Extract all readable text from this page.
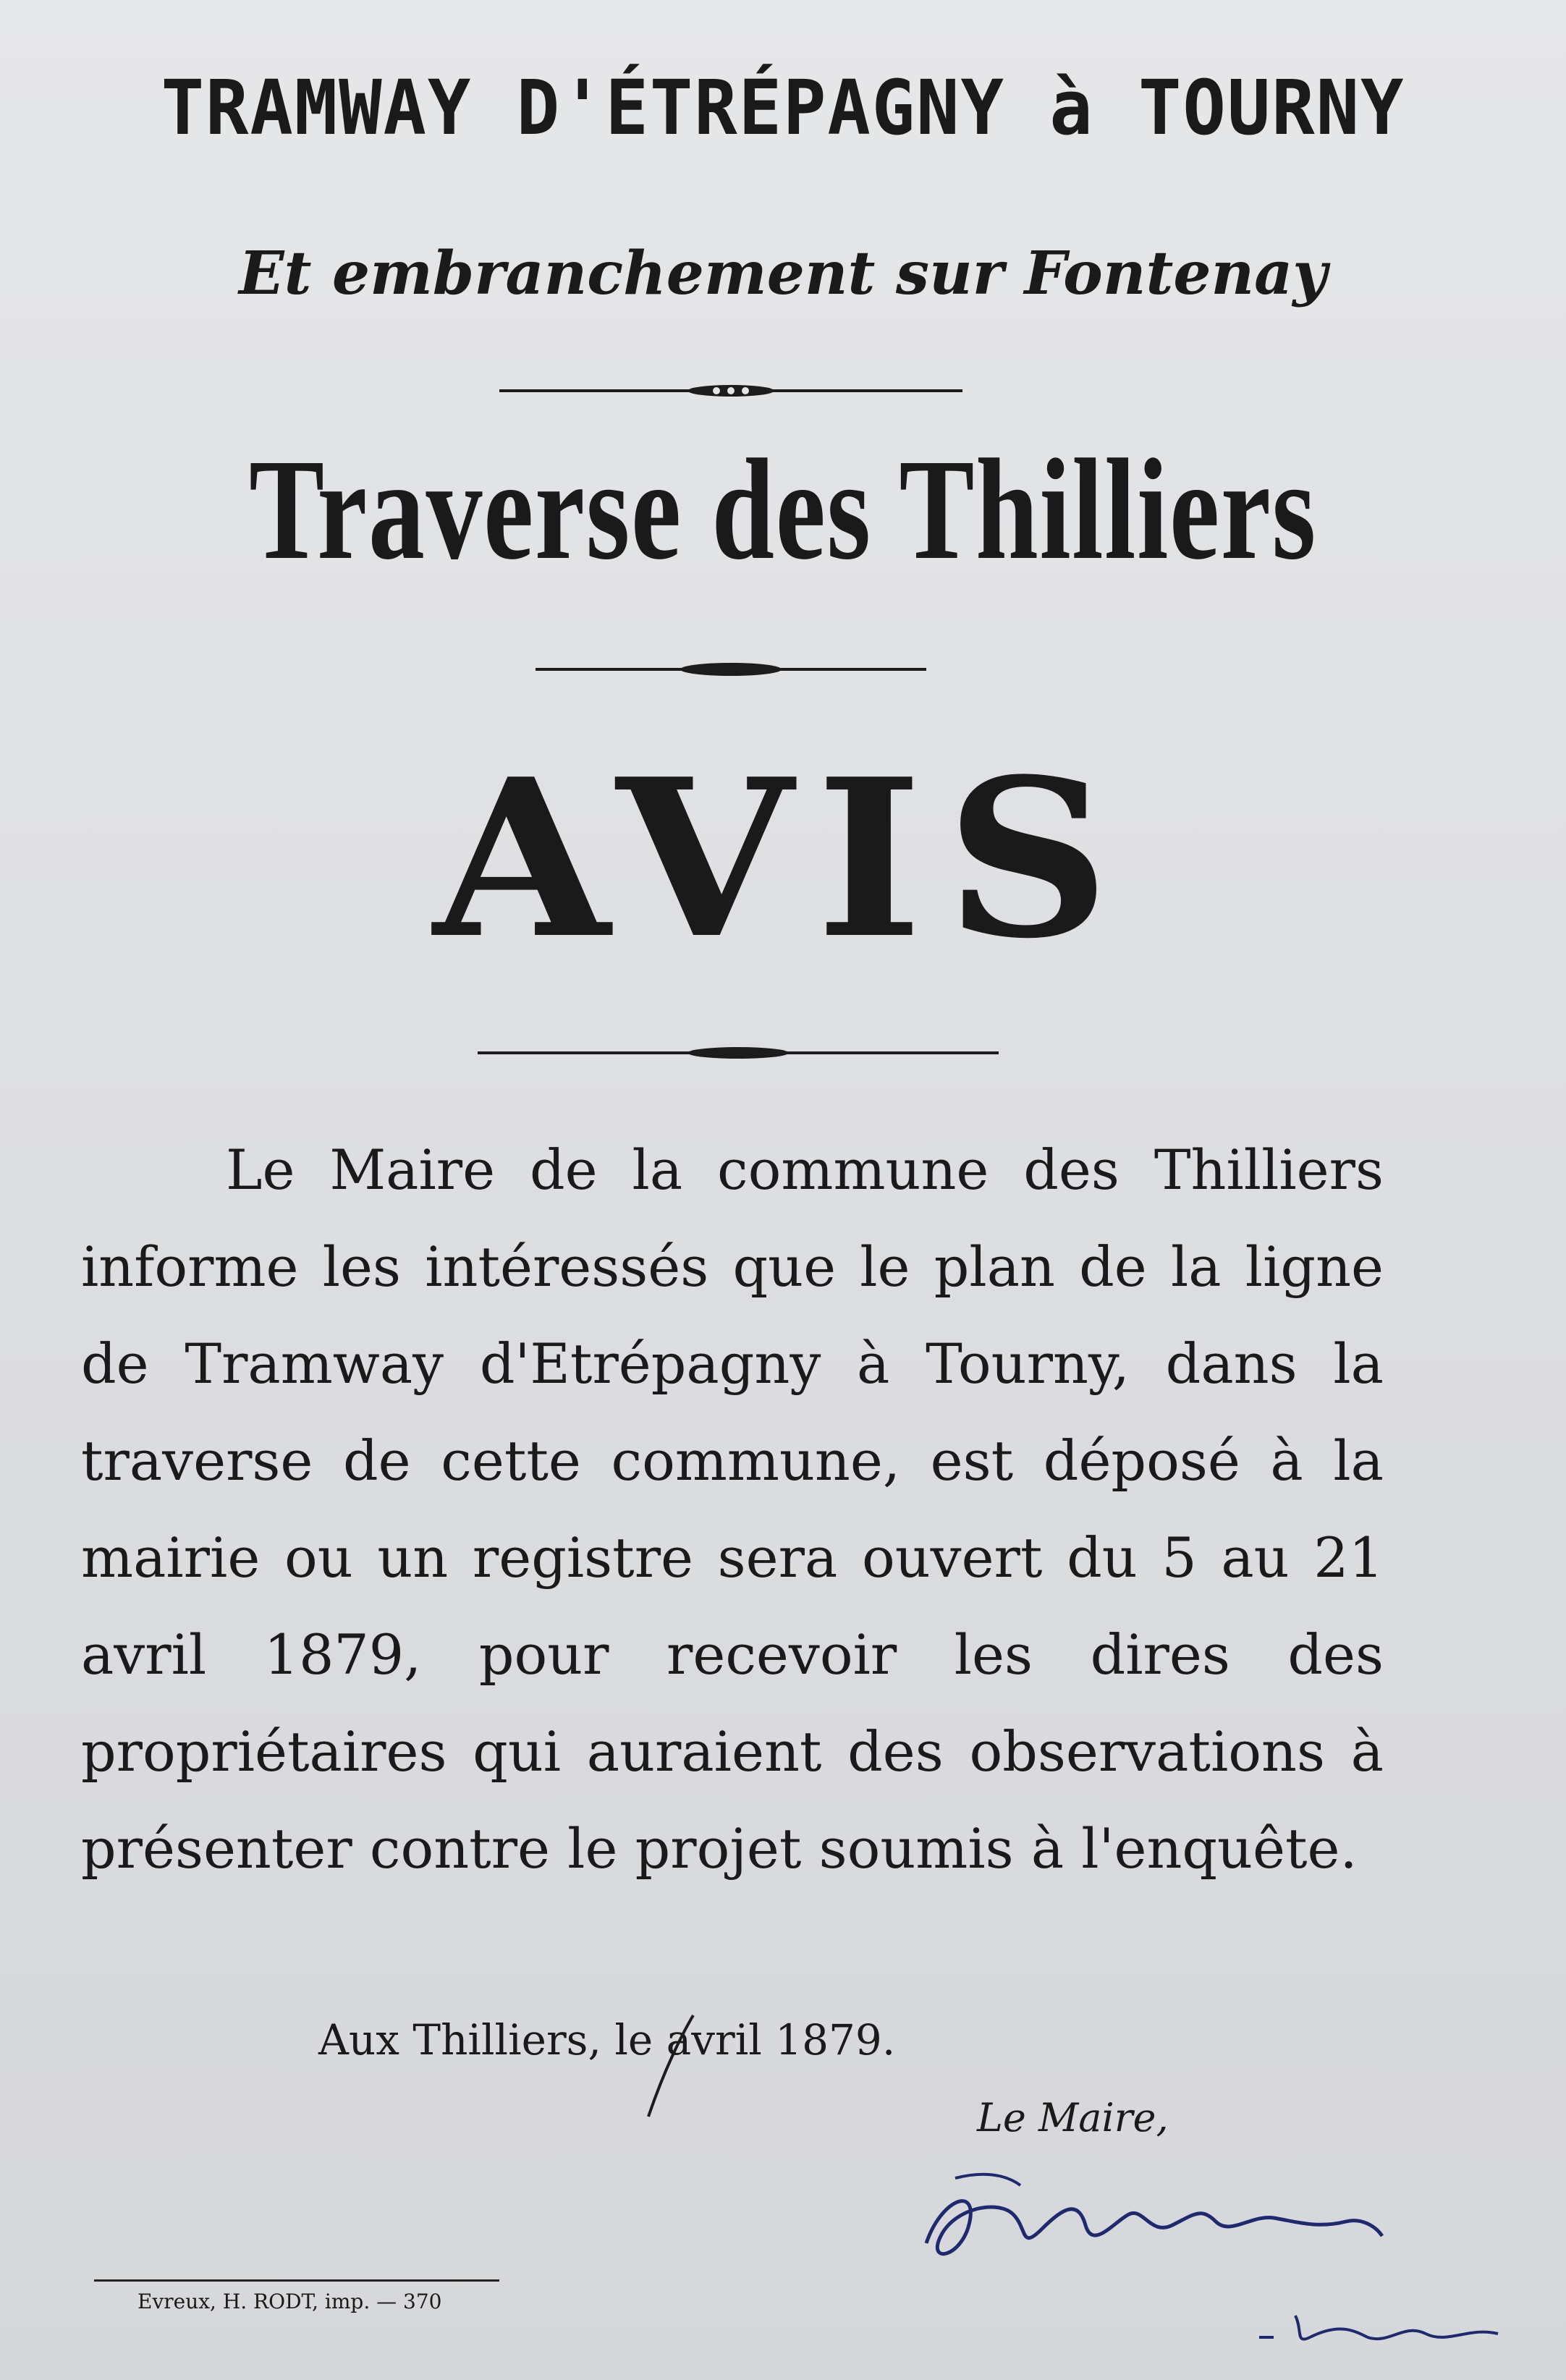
TRAMWAY D'ÉTRÉPAGNY à TOURNY
Et embranchement sur Fontenay
Traverse des Thilliers
AVIS
Le Maire de la commune des Thilliers informe les intéressés que le plan de la ligne de Tramway d'Etrépagny à Tourny, dans la traverse de cette commune, est déposé à la mairie ou un registre sera ouvert du 5 au 21 avril 1879, pour recevoir les dires des propriétaires qui auraient des observations à présenter contre le projet soumis à l'enquête.
Aux Thilliers, le avril 1879.
Le Maire,
Evreux, H. RODT, imp. — 370
